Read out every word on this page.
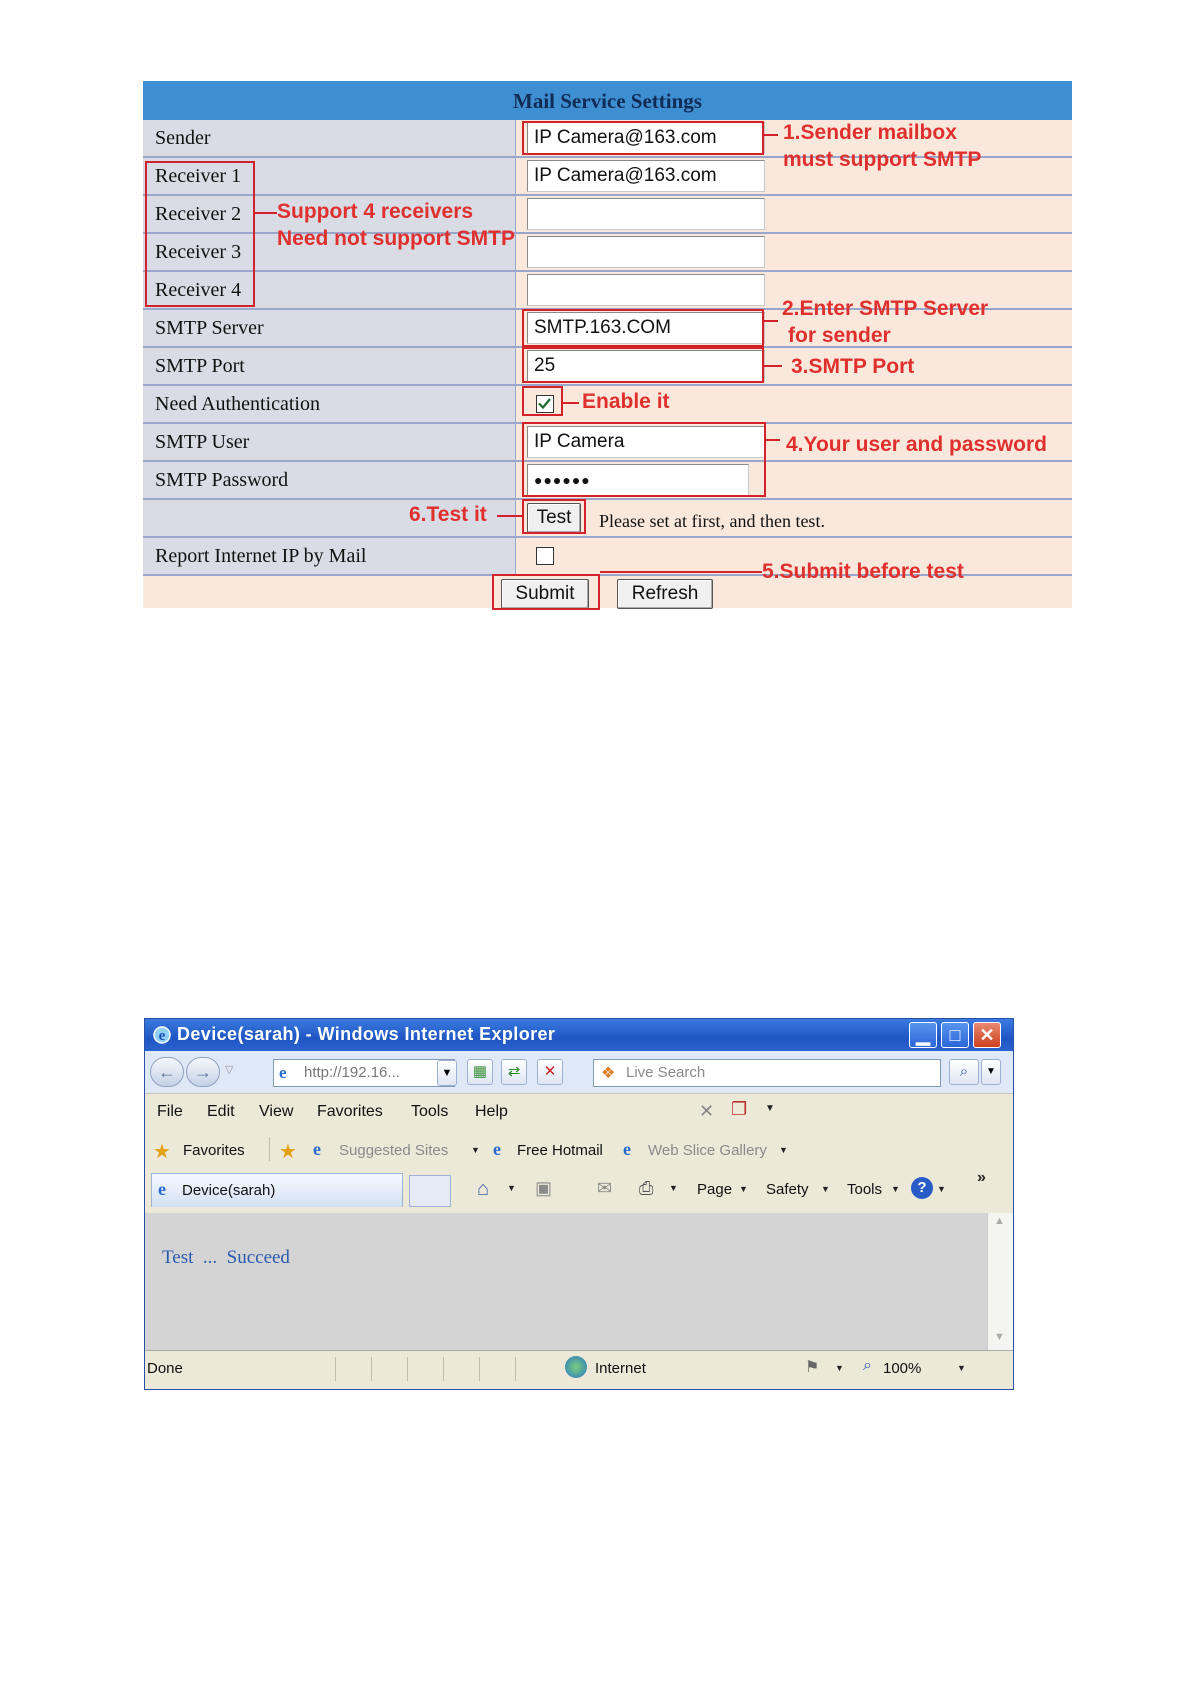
Mail Service Settings
Sender	IP Camera@163.com
Receiver 1	IP Camera@163.com
Receiver 2
Receiver 3
Receiver 4
SMTP Server	SMTP.163.COM
SMTP Port	25
Need Authentication
SMTP User	IP Camera
SMTP Password	●●●●●●
Test	Please set at first, and then test.
Report Internet IP by Mail
Submit	Refresh
1.Sender mailbox
must support SMTP
Support 4 receivers
Need not support SMTP
2.Enter SMTP Server
for sender
3.SMTP Port
Enable it
4.Your user and password
6.Test it
5.Submit before test
e Device(sarah) - Windows Internet Explorer	▁	□	✕
←	→	▽	http://192.16...
e	▼	▦	⇄	✕	Live Search
❖	⌕	▼
File Edit View Favorites Tools Help	✕ ❐ ▼
★ Favorites ★ e Suggested Sites	▼ e Free Hotmail e Web Slice Gallery ▼
e Device(sarah)	⌂ ▼ ▣ ✉ ⎙ ▼ Page ▼ Safety ▼ Tools ▼	?	▼
»
Test  ...  Succeed
▲
▼
Done	Internet	⚑ ▼ ⌕ 100%	▼
